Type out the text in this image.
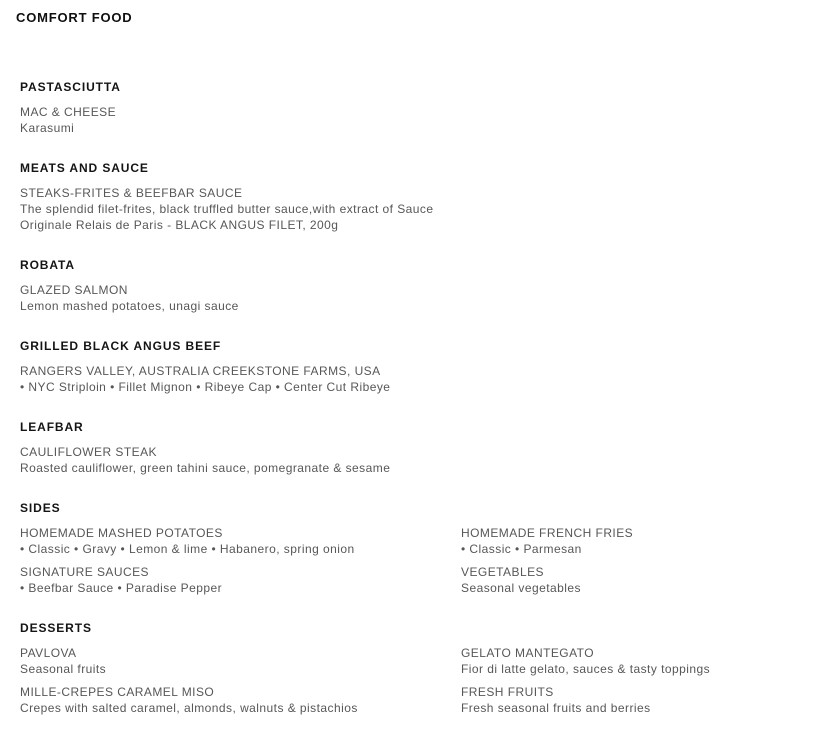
COMFORT FOOD
PASTASCIUTTA
MAC & CHEESE
Karasumi
MEATS AND SAUCE
STEAKS-FRITES & BEEFBAR SAUCE
The splendid filet-frites, black truffled butter sauce,with extract of Sauce Originale Relais de Paris - BLACK ANGUS FILET, 200g
ROBATA
GLAZED SALMON
Lemon mashed potatoes, unagi sauce
GRILLED BLACK ANGUS BEEF
RANGERS VALLEY, AUSTRALIA CREEKSTONE FARMS, USA
• NYC Striploin • Fillet Mignon • Ribeye Cap • Center Cut Ribeye
LEAFBAR
CAULIFLOWER STEAK
Roasted cauliflower, green tahini sauce, pomegranate & sesame
SIDES
HOMEMADE MASHED POTATOES
• Classic • Gravy • Lemon & lime • Habanero, spring onion
HOMEMADE FRENCH FRIES
• Classic • Parmesan
SIGNATURE SAUCES
• Beefbar Sauce • Paradise Pepper
VEGETABLES
Seasonal vegetables
DESSERTS
PAVLOVA
Seasonal fruits
GELATO MANTEGATO
Fior di latte gelato, sauces & tasty toppings
MILLE-CREPES CARAMEL MISO
Crepes with salted caramel, almonds, walnuts & pistachios
FRESH FRUITS
Fresh seasonal fruits and berries
